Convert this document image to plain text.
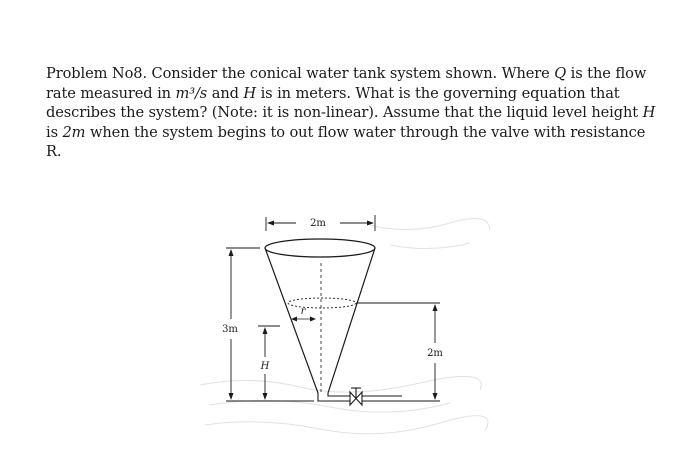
Problem No8. Consider the conical water tank system shown. Where Q is the flow rate measured in m³/s and H is in meters. What is the governing equation that describes the system? (Note: it is non-linear). Assume that the liquid level height H is 2m when the system begins to out flow water through the valve with resistance R.
2m
r
3m
H
2m
